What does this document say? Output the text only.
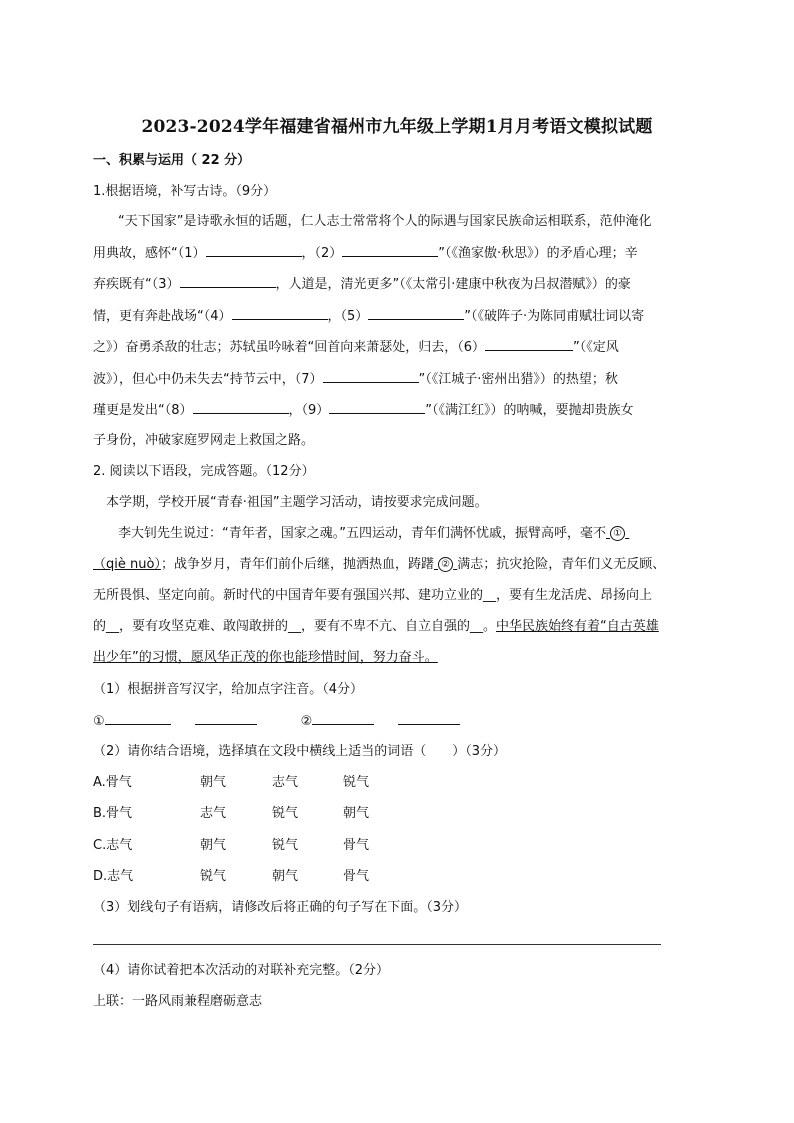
2023-2024学年福建省福州市九年级上学期1月月考语文模拟试题
一、积累与运用（ 22 分）
1.根据语境，补写古诗。（9分）
“天下国家”是诗歌永恒的话题，仁人志士常常将个人的际遇与国家民族命运相联系，范仲淹化
用典故，感怀“（1）	，（2）	”（《渔家傲·秋思》）的矛盾心理；辛
弃疾既有“（3）	，人道是，清光更多”（《太常引·建康中秋夜为吕叔潜赋》）的豪
情，更有奔赴战场“（4）	，（5）	”（《破阵子·为陈同甫赋壮词以寄
之》）奋勇杀敌的壮志；苏轼虽吟咏着“回首向来萧瑟处，归去，（6）	”（《定风
波》），但心中仍未失去“持节云中，（7）	”（《江城子·密州出猎》）的热望；秋
瑾更是发出“（8）	，（9）	”（《满江红》）的呐喊，要抛却贵族女
子身份，冲破家庭罗网走上救国之路。
2. 阅读以下语段，完成答题。（12分）
本学期，学校开展“青春·祖国”主题学习活动，请按要求完成问题。
李大钊先生说过：“青年者，国家之魂。”五四运动，青年们满怀忧戚，振臂高呼，毫不 ①
（qiè nuò）；战争岁月，青年们前仆后继，抛洒热血，踌躇 ② 满志；抗灾抢险，青年们义无反顾、
无所畏惧、坚定向前。新时代的中国青年要有强国兴邦、建功立业的__，要有生龙活虎、昂扬向上
的__，要有攻坚克难、敢闯敢拼的__，要有不卑不亢、自立自强的__。中华民族始终有着“自古英雄
出少年”的习惯，愿风华正茂的你也能珍惜时间，努力奋斗。
（1）根据拼音写汉字，给加点字注音。（4分）
①	②
（2）请你结合语境，选择填在文段中横线上适当的词语（　　）（3分）
A.骨气	朝气	志气	锐气
B.骨气	志气	锐气	朝气
C.志气	朝气	锐气	骨气
D.志气	锐气	朝气	骨气
（3）划线句子有语病，请修改后将正确的句子写在下面。（3分）
（4）请你试着把本次活动的对联补充完整。（2分）
上联：一路风雨兼程磨砺意志
